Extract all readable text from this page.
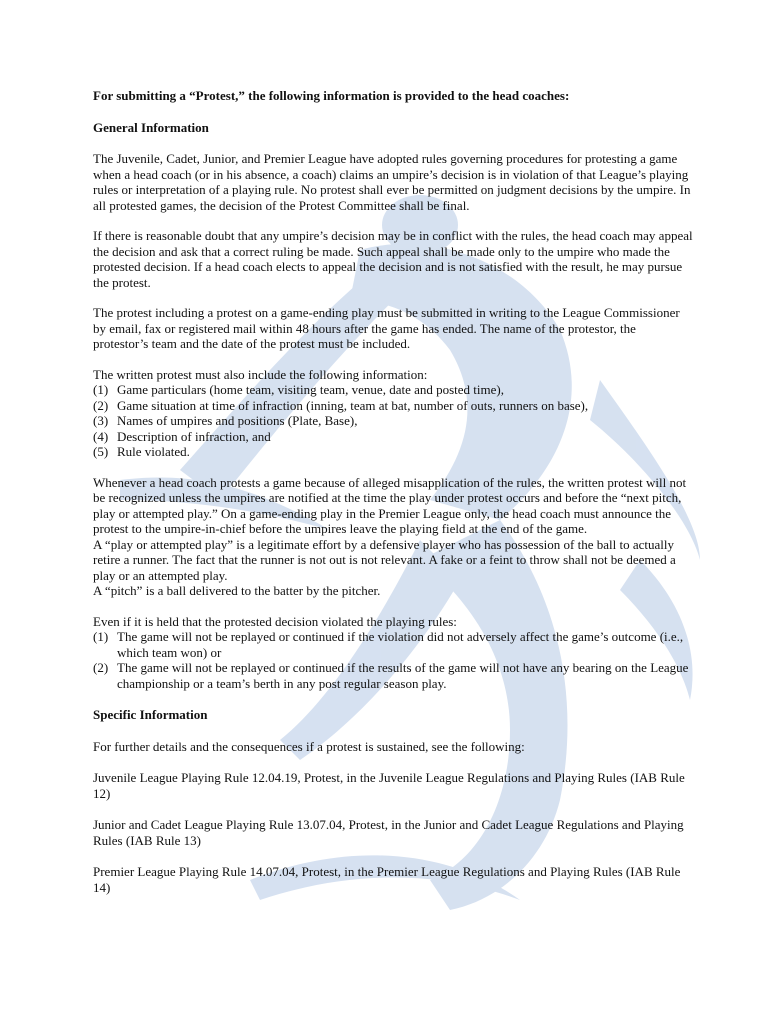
For submitting a “Protest,” the following information is provided to the head coaches:

General Information

The Juvenile, Cadet, Junior, and Premier League have adopted rules governing procedures for protesting a game when a head coach (or in his absence, a coach) claims an umpire’s decision is in violation of that League’s playing rules or interpretation of a playing rule. No protest shall ever be permitted on judgment decisions by the umpire. In all protested games, the decision of the Protest Committee shall be final.

If there is reasonable doubt that any umpire’s decision may be in conflict with the rules, the head coach may appeal the decision and ask that a correct ruling be made. Such appeal shall be made only to the umpire who made the protested decision. If a head coach elects to appeal the decision and is not satisfied with the result, he may pursue the protest.

The protest including a protest on a game-ending play must be submitted in writing to the League Commissioner by email, fax or registered mail within 48 hours after the game has ended. The name of the protestor, the protestor’s team and the date of the protest must be included.

The written protest must also include the following information:

(1) Game particulars (home team, visiting team, venue, date and posted time),
(2) Game situation at time of infraction (inning, team at bat, number of outs, runners on base),
(3) Names of umpires and positions (Plate, Base),
(4) Description of infraction, and
(5) Rule violated.

Whenever a head coach protests a game because of alleged misapplication of the rules, the written protest will not be recognized unless the umpires are notified at the time the play under protest occurs and before the “next pitch, play or attempted play.” On a game-ending play in the Premier League only, the head coach must announce the protest to the umpire-in-chief before the umpires leave the playing field at the end of the game.

A “play or attempted play” is a legitimate effort by a defensive player who has possession of the ball to actually retire a runner. The fact that the runner is not out is not relevant. A fake or a feint to throw shall not be deemed a play or an attempted play.

A “pitch” is a ball delivered to the batter by the pitcher.

Even if it is held that the protested decision violated the playing rules:

(1) The game will not be replayed or continued if the violation did not adversely affect the game’s outcome (i.e., which team won) or
(2) The game will not be replayed or continued if the results of the game will not have any bearing on the League championship or a team’s berth in any post regular season play.

Specific Information

For further details and the consequences if a protest is sustained, see the following:

Juvenile League Playing Rule 12.04.19, Protest, in the Juvenile League Regulations and Playing Rules (IAB Rule 12)

Junior and Cadet League Playing Rule 13.07.04, Protest, in the Junior and Cadet League Regulations and Playing Rules (IAB Rule 13)

Premier League Playing Rule 14.07.04, Protest, in the Premier League Regulations and Playing Rules (IAB Rule 14)
